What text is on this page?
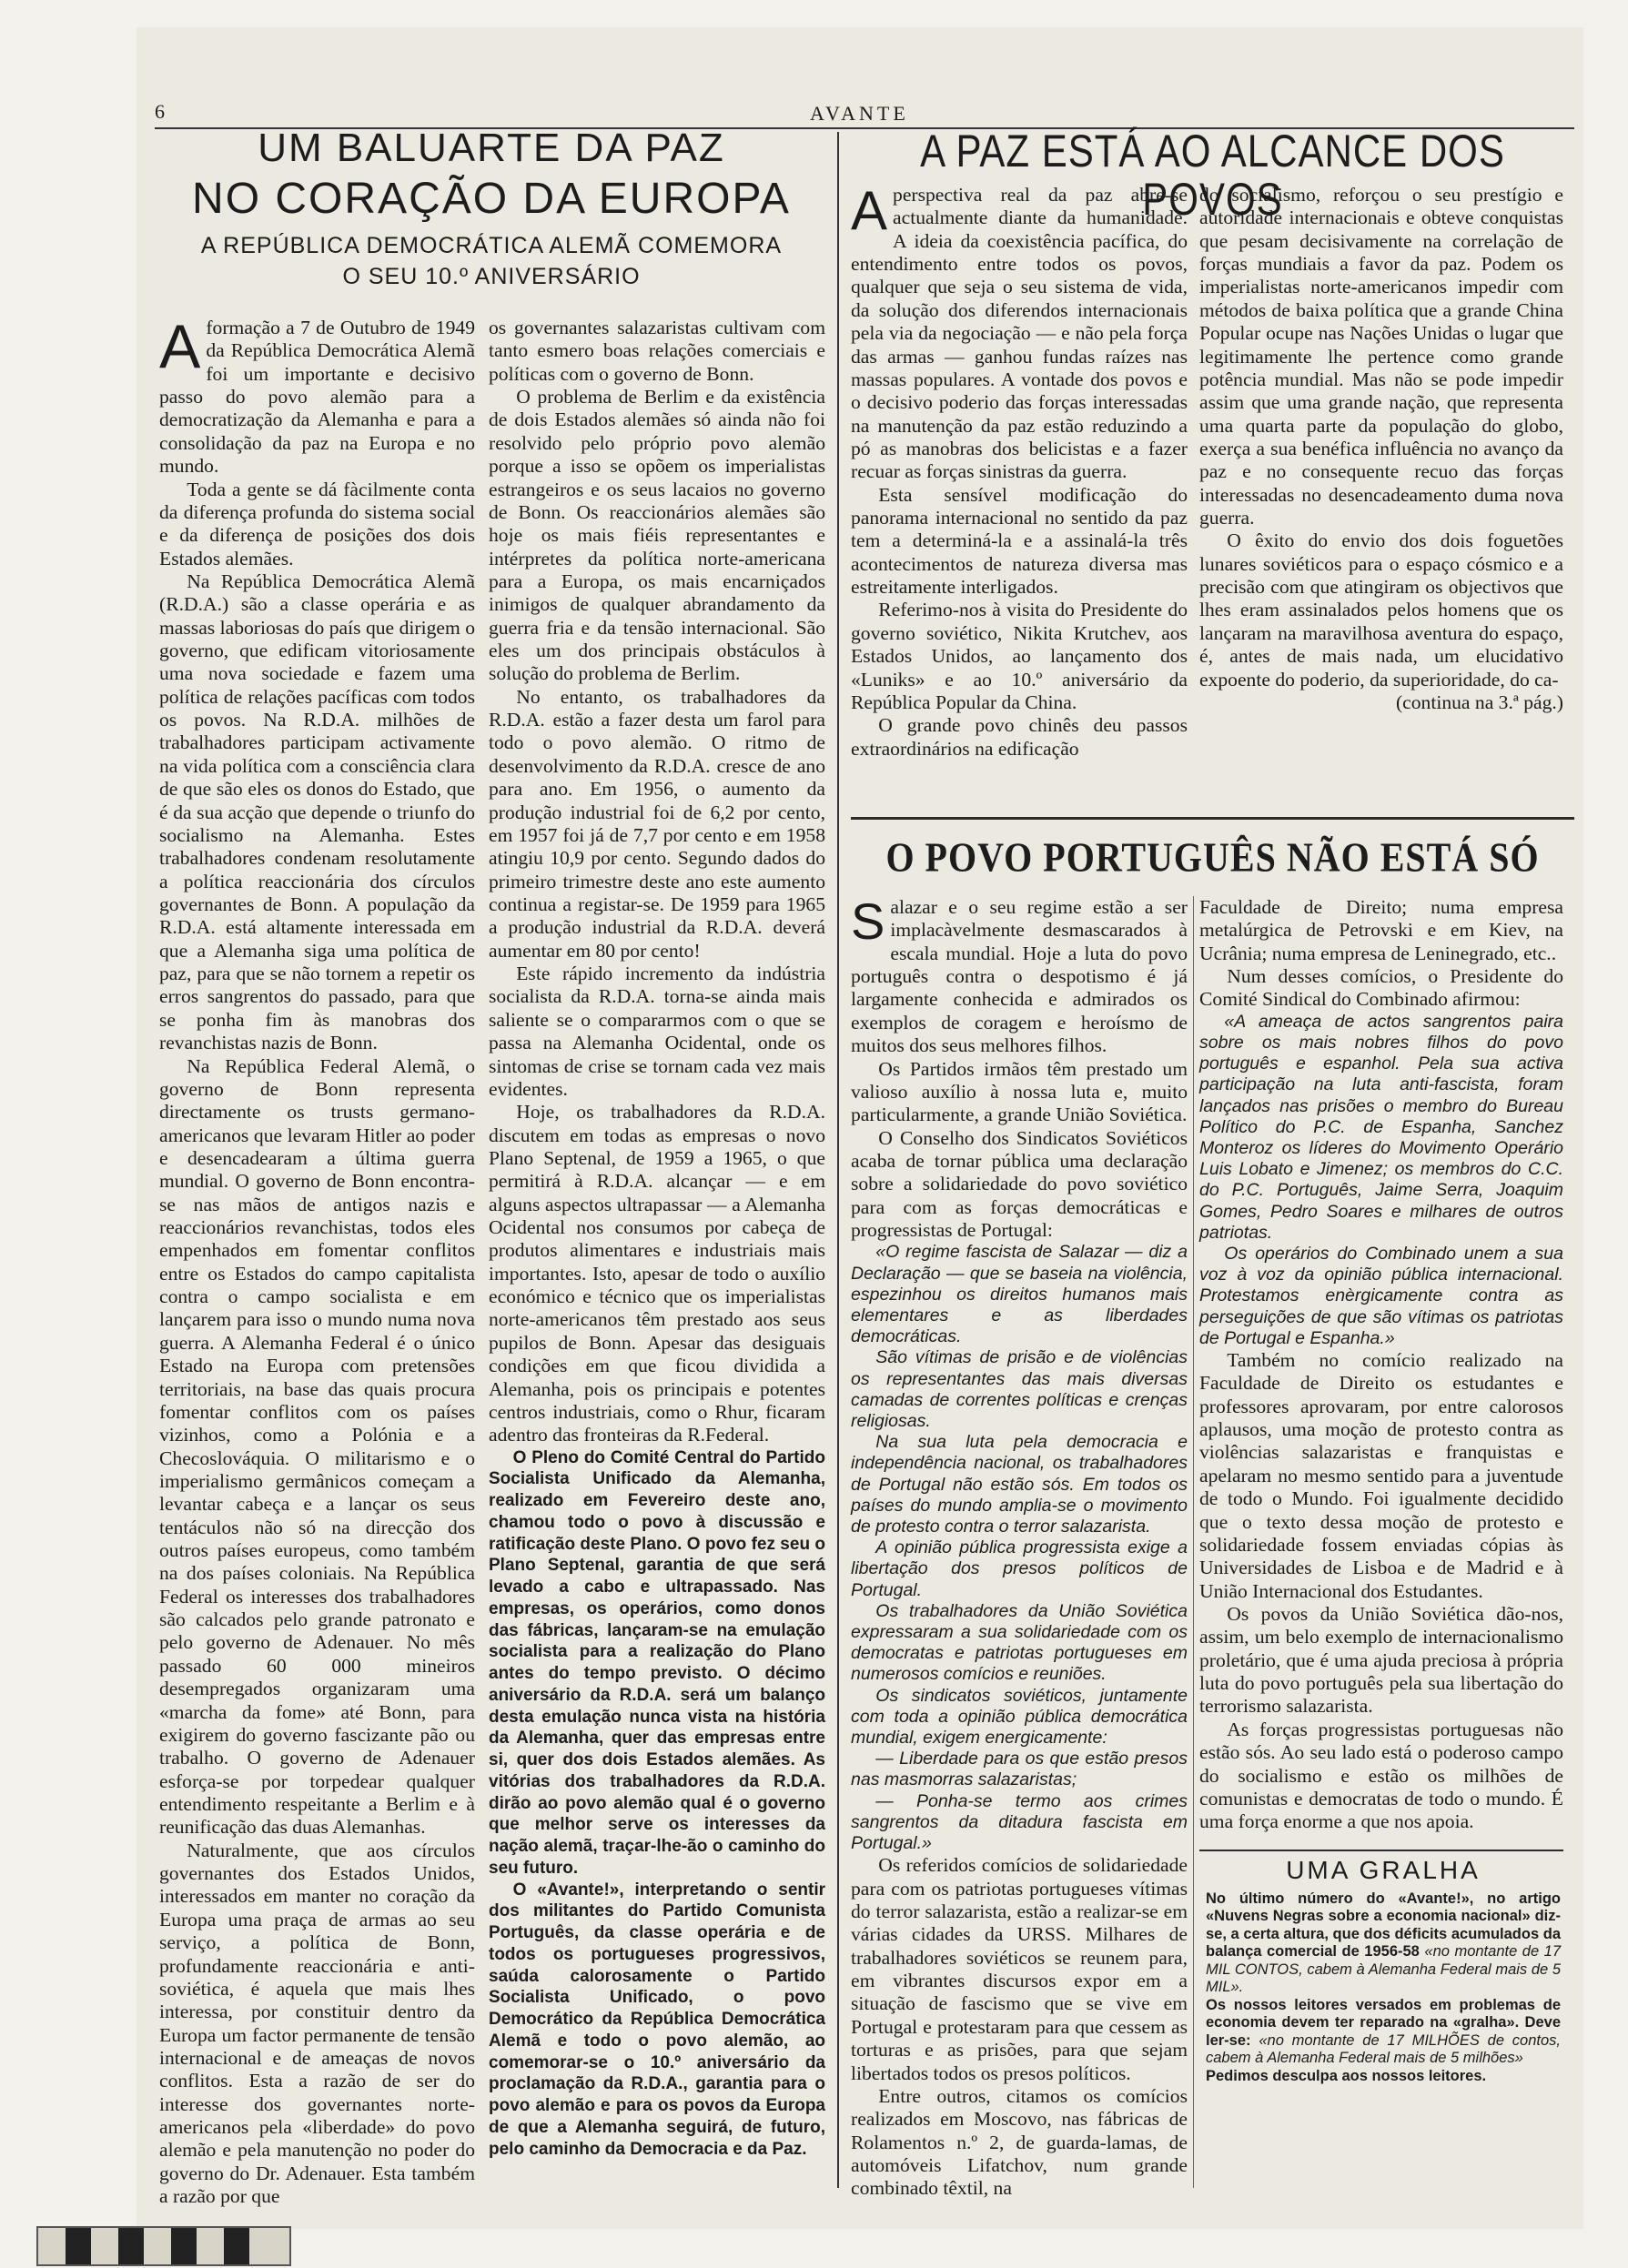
6	AVANTE

UM BALUARTE DA PAZ

NO CORAÇÃO DA EUROPA

A REPÚBLICA DEMOCRÁTICA ALEMÃ COMEMORA

O SEU 10.º ANIVERSÁRIO

A formação a 7 de Outubro de 1949 da República Democrática Alemã foi um importante e decisivo passo do povo alemão para a democratização da Alemanha e para a consolidação da paz na Europa e no mundo.

Toda a gente se dá fàcilmente conta da diferença profunda do sistema social e da diferença de posições dos dois Estados alemães.

Na República Democrática Alemã (R.D.A.) são a classe operária e as massas laboriosas do país que dirigem o governo, que edificam vitoriosamente uma nova sociedade e fazem uma política de relações pacíficas com todos os povos. Na R.D.A. milhões de trabalhadores participam activamente na vida política com a consciência clara de que são eles os donos do Estado, que é da sua acção que depende o triunfo do socialismo na Alemanha. Estes trabalhadores condenam resolutamente a política reaccionária dos círculos governantes de Bonn. A população da R.D.A. está altamente interessada em que a Alemanha siga uma política de paz, para que se não tornem a repetir os erros sangrentos do passado, para que se ponha fim às manobras dos revanchistas nazis de Bonn.

Na República Federal Alemã, o governo de Bonn representa directamente os trusts germano-americanos que levaram Hitler ao poder e desencadearam a última guerra mundial. O governo de Bonn encontra-se nas mãos de antigos nazis e reaccionários revanchistas, todos eles empenhados em fomentar conflitos entre os Estados do campo capitalista contra o campo socialista e em lançarem para isso o mundo numa nova guerra. A Alemanha Federal é o único Estado na Europa com pretensões territoriais, na base das quais procura fomentar conflitos com os países vizinhos, como a Polónia e a Checoslováquia. O militarismo e o imperialismo germânicos começam a levantar cabeça e a lançar os seus tentáculos não só na direcção dos outros países europeus, como também na dos países coloniais. Na República Federal os interesses dos trabalhadores são calcados pelo grande patronato e pelo governo de Adenauer. No mês passado 60 000 mineiros desempregados organizaram uma «marcha da fome» até Bonn, para exigirem do governo fascizante pão ou trabalho. O governo de Adenauer esforça-se por torpedear qualquer entendimento respeitante a Berlim e à reunificação das duas Alemanhas.

Naturalmente, que aos círculos governantes dos Estados Unidos, interessados em manter no coração da Europa uma praça de armas ao seu serviço, a política de Bonn, profundamente reaccionária e anti-soviética, é aquela que mais lhes interessa, por constituir dentro da Europa um factor permanente de tensão internacional e de ameaças de novos conflitos. Esta a razão de ser do interesse dos governantes norte-americanos pela «liberdade» do povo alemão e pela manutenção no poder do governo do Dr. Adenauer. Esta também a razão por que

os governantes salazaristas cultivam com tanto esmero boas relações comerciais e políticas com o governo de Bonn.

O problema de Berlim e da existência de dois Estados alemães só ainda não foi resolvido pelo próprio povo alemão porque a isso se opõem os imperialistas estrangeiros e os seus lacaios no governo de Bonn. Os reaccionários alemães são hoje os mais fiéis representantes e intérpretes da política norte-americana para a Europa, os mais encarniçados inimigos de qualquer abrandamento da guerra fria e da tensão internacional. São eles um dos principais obstáculos à solução do problema de Berlim.

No entanto, os trabalhadores da R.D.A. estão a fazer desta um farol para todo o povo alemão. O ritmo de desenvolvimento da R.D.A. cresce de ano para ano. Em 1956, o aumento da produção industrial foi de 6,2 por cento, em 1957 foi já de 7,7 por cento e em 1958 atingiu 10,9 por cento. Segundo dados do primeiro trimestre deste ano este aumento continua a registar-se. De 1959 para 1965 a produção industrial da R.D.A. deverá aumentar em 80 por cento!

Este rápido incremento da indústria socialista da R.D.A. torna-se ainda mais saliente se o compararmos com o que se passa na Alemanha Ocidental, onde os sintomas de crise se tornam cada vez mais evidentes.

Hoje, os trabalhadores da R.D.A. discutem em todas as empresas o novo Plano Septenal, de 1959 a 1965, o que permitirá à R.D.A. alcançar — e em alguns aspectos ultrapassar — a Alemanha Ocidental nos consumos por cabeça de produtos alimentares e industriais mais importantes. Isto, apesar de todo o auxílio económico e técnico que os imperialistas norte-americanos têm prestado aos seus pupilos de Bonn. Apesar das desiguais condições em que ficou dividida a Alemanha, pois os principais e potentes centros industriais, como o Rhur, ficaram adentro das fronteiras da R.Federal.

O Pleno do Comité Central do Partido Socialista Unificado da Alemanha, realizado em Fevereiro deste ano, chamou todo o povo à discussão e ratificação deste Plano. O povo fez seu o Plano Septenal, garantia de que será levado a cabo e ultrapassado. Nas empresas, os operários, como donos das fábricas, lançaram-se na emulação socialista para a realização do Plano antes do tempo previsto. O décimo aniversário da R.D.A. será um balanço desta emulação nunca vista na história da Alemanha, quer das empresas entre si, quer dos dois Estados alemães. As vitórias dos trabalhadores da R.D.A. dirão ao povo alemão qual é o governo que melhor serve os interesses da nação alemã, traçar-lhe-ão o caminho do seu futuro.

O «Avante!», interpretando o sentir dos militantes do Partido Comunista Português, da classe operária e de todos os portugueses progressivos, saúda calorosamente o Partido Socialista Unificado, o povo Democrático da República Democrática Alemã e todo o povo alemão, ao comemorar-se o 10.º aniversário da proclamação da R.D.A., garantia para o povo alemão e para os povos da Europa de que a Alemanha seguirá, de futuro, pelo caminho da Democracia e da Paz.

A PAZ ESTÁ AO ALCANCE DOS POVOS

A perspectiva real da paz abre-se actualmente diante da humanidade. A ideia da coexistência pacífica, do entendimento entre todos os povos, qualquer que seja o seu sistema de vida, da solução dos diferendos internacionais pela via da negociação — e não pela força das armas — ganhou fundas raízes nas massas populares. A vontade dos povos e o decisivo poderio das forças interessadas na manutenção da paz estão reduzindo a pó as manobras dos belicistas e a fazer recuar as forças sinistras da guerra.

Esta sensível modificação do panorama internacional no sentido da paz tem a determiná-la e a assinalá-la três acontecimentos de natureza diversa mas estreitamente interligados.

Referimo-nos à visita do Presidente do governo soviético, Nikita Krutchev, aos Estados Unidos, ao lançamento dos «Luniks» e ao 10.º aniversário da República Popular da China.

O grande povo chinês deu passos extraordinários na edificação

do socialismo, reforçou o seu prestígio e autoridade internacionais e obteve conquistas que pesam decisivamente na correlação de forças mundiais a favor da paz. Podem os imperialistas norte-americanos impedir com métodos de baixa política que a grande China Popular ocupe nas Nações Unidas o lugar que legitimamente lhe pertence como grande potência mundial. Mas não se pode impedir assim que uma grande nação, que representa uma quarta parte da população do globo, exerça a sua benéfica influência no avanço da paz e no consequente recuo das forças interessadas no desencadeamento duma nova guerra.

O êxito do envio dos dois foguetões lunares soviéticos para o espaço cósmico e a precisão com que atingiram os objectivos que lhes eram assinalados pelos homens que os lançaram na maravilhosa aventura do espaço, é, antes de mais nada, um elucidativo expoente do poderio, da superioridade, do ca-

(continua na 3.ª pág.)

O POVO PORTUGUÊS NÃO ESTÁ SÓ

Salazar e o seu regime estão a ser implacàvelmente desmascarados à escala mundial. Hoje a luta do povo português contra o despotismo é já largamente conhecida e admirados os exemplos de coragem e heroísmo de muitos dos seus melhores filhos.

Os Partidos irmãos têm prestado um valioso auxílio à nossa luta e, muito particularmente, a grande União Soviética.

O Conselho dos Sindicatos Soviéticos acaba de tornar pública uma declaração sobre a solidariedade do povo soviético para com as forças democráticas e progressistas de Portugal:

«O regime fascista de Salazar — diz a Declaração — que se baseia na violência, espezinhou os direitos humanos mais elementares e as liberdades democráticas.

São vítimas de prisão e de violências os representantes das mais diversas camadas de correntes políticas e crenças religiosas.

Na sua luta pela democracia e independência nacional, os trabalhadores de Portugal não estão sós. Em todos os países do mundo amplia-se o movimento de protesto contra o terror salazarista.

A opinião pública progressista exige a libertação dos presos políticos de Portugal.

Os trabalhadores da União Soviética expressaram a sua solidariedade com os democratas e patriotas portugueses em numerosos comícios e reuniões.

Os sindicatos soviéticos, juntamente com toda a opinião pública democrática mundial, exigem energicamente:

— Liberdade para os que estão presos nas masmorras salazaristas;

— Ponha-se termo aos crimes sangrentos da ditadura fascista em Portugal.»

Os referidos comícios de solidariedade para com os patriotas portugueses vítimas do terror salazarista, estão a realizar-se em várias cidades da URSS. Milhares de trabalhadores soviéticos se reunem para, em vibrantes discursos expor em a situação de fascismo que se vive em Portugal e protestaram para que cessem as torturas e as prisões, para que sejam libertados todos os presos políticos.

Entre outros, citamos os comícios realizados em Moscovo, nas fábricas de Rolamentos n.º 2, de guarda-lamas, de automóveis Lifatchov, num grande combinado têxtil, na

Faculdade de Direito; numa empresa metalúrgica de Petrovski e em Kiev, na Ucrânia; numa empresa de Leninegrado, etc..

Num desses comícios, o Presidente do Comité Sindical do Combinado afirmou:

«A ameaça de actos sangrentos paira sobre os mais nobres filhos do povo português e espanhol. Pela sua activa participação na luta anti-fascista, foram lançados nas prisões o membro do Bureau Político do P.C. de Espanha, Sanchez Monteroz os líderes do Movimento Operário Luis Lobato e Jimenez; os membros do C.C. do P.C. Português, Jaime Serra, Joaquim Gomes, Pedro Soares e milhares de outros patriotas.

Os operários do Combinado unem a sua voz à voz da opinião pública internacional. Protestamos enèrgicamente contra as perseguições de que são vítimas os patriotas de Portugal e Espanha.»

Também no comício realizado na Faculdade de Direito os estudantes e professores aprovaram, por entre calorosos aplausos, uma moção de protesto contra as violências salazaristas e franquistas e apelaram no mesmo sentido para a juventude de todo o Mundo. Foi igualmente decidido que o texto dessa moção de protesto e solidariedade fossem enviadas cópias às Universidades de Lisboa e de Madrid e à União Internacional dos Estudantes.

Os povos da União Soviética dão-nos, assim, um belo exemplo de internacionalismo proletário, que é uma ajuda preciosa à própria luta do povo português pela sua libertação do terrorismo salazarista.

As forças progressistas portuguesas não estão sós. Ao seu lado está o poderoso campo do socialismo e estão os milhões de comunistas e democratas de todo o mundo. É uma força enorme a que nos apoia.

UMA GRALHA

No último número do «Avante!», no artigo «Nuvens Negras sobre a economia nacional» diz-se, a certa altura, que dos déficits acumulados da balança comercial de 1956-58 «no montante de 17 MIL CONTOS, cabem à Alemanha Federal mais de 5 MIL».
Os nossos leitores versados em problemas de economia devem ter reparado na «gralha». Deve ler-se: «no montante de 17 MILHÕES de contos, cabem à Alemanha Federal mais de 5 milhões»
Pedimos desculpa aos nossos leitores.
